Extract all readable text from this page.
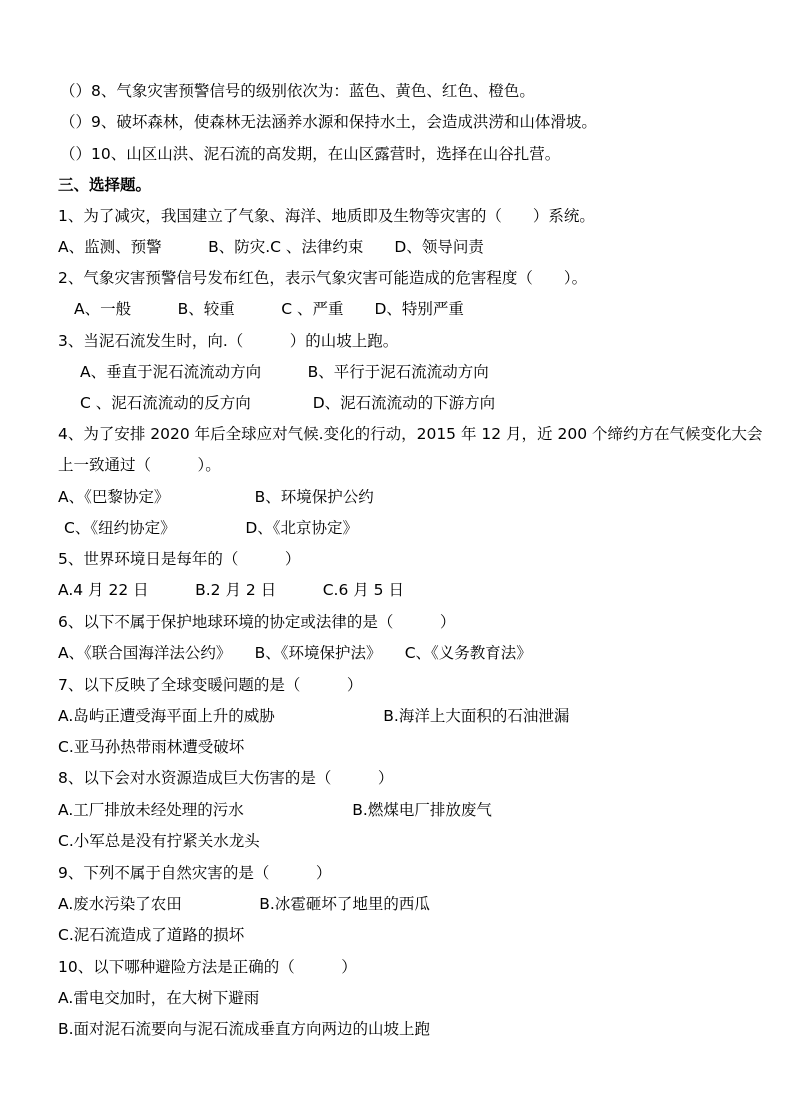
（）8、气象灾害预警信号的级别依次为：蓝色、黄色、红色、橙色。
（）9、破坏森林，使森林无法涵养水源和保持水土，会造成洪涝和山体滑坡。
（）10、山区山洪、泥石流的高发期，在山区露营时，选择在山谷扎营。
三、选择题。
1、为了减灾，我国建立了气象、海洋、地质即及生物等灾害的（　　）系统。
A、监测、预警　　　B、防灾.C 、法律约束　　D、领导问责
2、气象灾害预警信号发布红色，表示气象灾害可能造成的危害程度（　　）。
A、一般　　　B、较重　　　C 、严重　　D、特别严重
3、当泥石流发生时，向.（　　　）的山坡上跑。
A、垂直于泥石流流动方向　　　B、平行于泥石流流动方向
C 、泥石流流动的反方向　　　　D、泥石流流动的下游方向
4、为了安排 2020 年后全球应对气候.变化的行动，2015 年 12 月，近 200 个缔约方在气候变化大会
上一致通过（　　　）。
A、《巴黎协定》　　　　　　B、环境保护公约
C、《纽约协定》　　　　　D、《北京协定》
5、世界环境日是每年的（　　　）
A.4 月 22 日　　　B.2 月 2 日　　　C.6 月 5 日
6、以下不属于保护地球环境的协定或法律的是（　　　）
A、《联合国海洋法公约》　　B、《环境保护法》　　C、《义务教育法》
7、以下反映了全球变暖问题的是（　　　）
A.岛屿正遭受海平面上升的威胁　　　　　　　B.海洋上大面积的石油泄漏
C.亚马孙热带雨林遭受破坏
8、以下会对水资源造成巨大伤害的是（　　　）
A.工厂排放未经处理的污水　　　　　　　B.燃煤电厂排放废气
C.小军总是没有拧紧关水龙头
9、下列不属于自然灾害的是（　　　）
A.废水污染了农田　　　　　B.冰雹砸坏了地里的西瓜
C.泥石流造成了道路的损坏
10、以下哪种避险方法是正确的（　　　）
A.雷电交加时，在大树下避雨
B.面对泥石流要向与泥石流成垂直方向两边的山坡上跑
